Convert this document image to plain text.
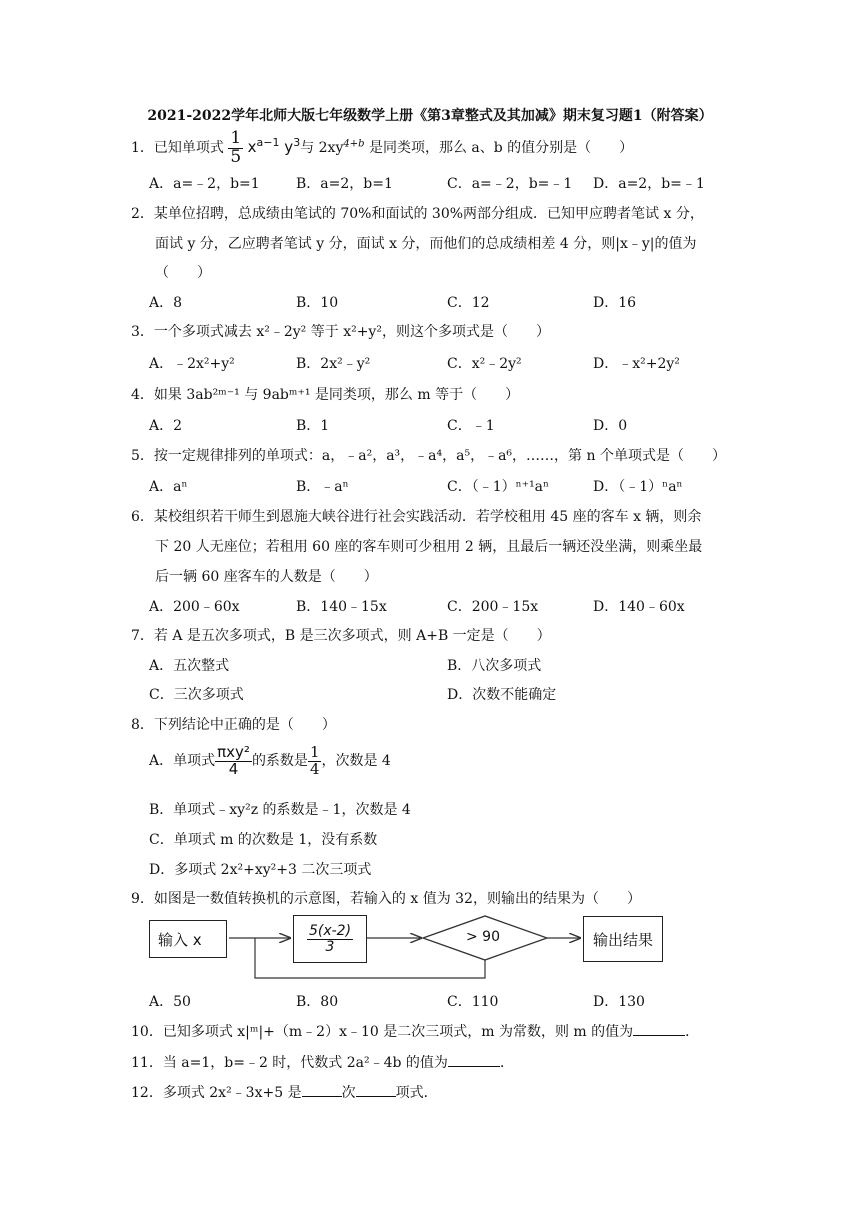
2021-2022学年北师大版七年级数学上册《第3章整式及其加减》期末复习题1（附答案）
1．已知单项式 $\frac{1}{5} x^{a-1}$ $y^3$与 $2xy^{4+b}$ 是同类项，那么 a、b 的值分别是（　　）
A．a=﹣2，b=1	B．a=2，b=1	C．a=﹣2，b=﹣1 D．a=2，b=﹣1
2．某单位招聘，总成绩由笔试的 70%和面试的 30%两部分组成．已知甲应聘者笔试 x 分，
面试 y 分，乙应聘者笔试 y 分，面试 x 分，而他们的总成绩相差 4 分，则|x﹣y|的值为
（　　）
A．8	B．10	C．12	D．16
3．一个多项式减去 x²﹣2y² 等于 x²+y²，则这个多项式是（　　）
A．﹣2x²+y²	B．2x²﹣y²	C．x²﹣2y²	D．﹣x²+2y²
4．如果 3ab²ᵐ⁻¹ 与 9abᵐ⁺¹ 是同类项，那么 m 等于（　　）
A．2	B．1	C．﹣1	D．0
5．按一定规律排列的单项式：a，﹣a²，a³，﹣a⁴，a⁵，﹣a⁶，……，第 n 个单项式是（　　）
A．aⁿ	B．﹣aⁿ	C．（﹣1）ⁿ⁺¹aⁿ	D．（﹣1）ⁿaⁿ
6．某校组织若干师生到恩施大峡谷进行社会实践活动．若学校租用 45 座的客车 x 辆，则余
下 20 人无座位；若租用 60 座的客车则可少租用 2 辆，且最后一辆还没坐满，则乘坐最
后一辆 60 座客车的人数是（　　）
A．200﹣60x	B．140﹣15x	C．200﹣15x	D．140﹣60x
7．若 A 是五次多项式，B 是三次多项式，则 A+B 一定是（　　）
A．五次整式	B．八次多项式
C．三次多项式	D．次数不能确定
8．下列结论中正确的是（　　）
A．单项式 $\frac{\text{πxy²}}{4}$ 的系数是 $\frac{1}{4}$ ，次数是 4
B．单项式﹣xy²z 的系数是﹣1，次数是 4
C．单项式 m 的次数是 1，没有系数
D．多项式 2x²+xy²+3 二次三项式
9．如图是一数值转换机的示意图，若输入的 x 值为 32，则输出的结果为（　　）
输入 x	$\frac{5(x-2)}{3}$	> 90	输出结果
A．50	B．80	C．110	D．130
10．已知多项式 x|ᵐ|+（m﹣2）x﹣10 是二次三项式，m 为常数，则 m 的值为	．
11．当 a=1，b=﹣2 时，代数式 2a²﹣4b 的值为	．
12．多项式 2x²﹣3x+5 是	次	项式．
